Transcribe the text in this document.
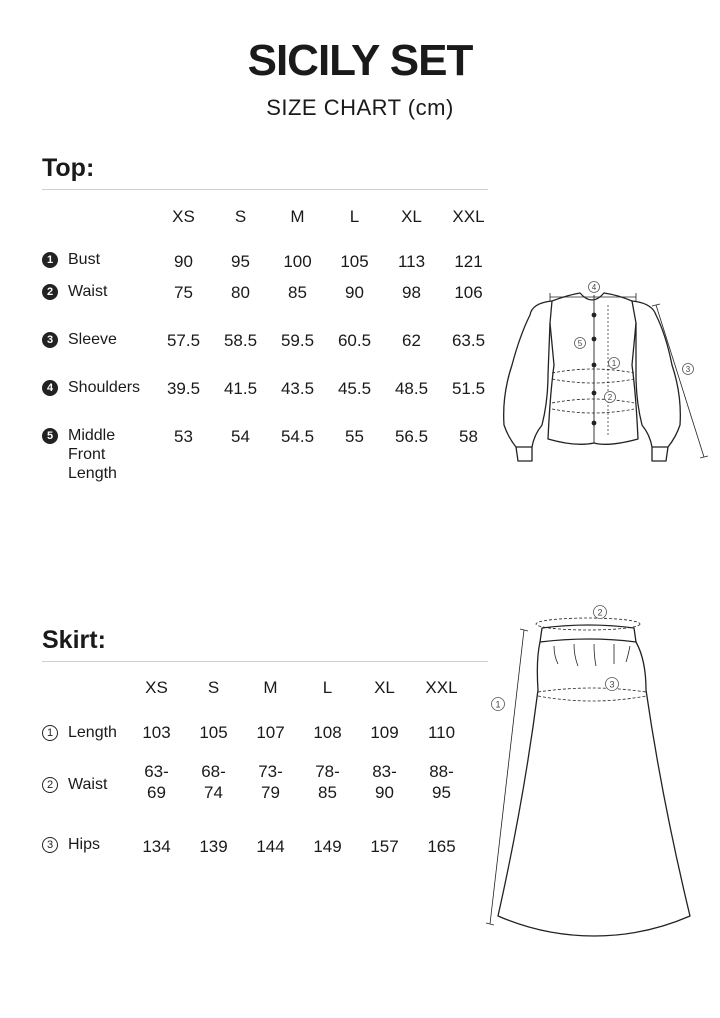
SICILY SET
SIZE CHART (cm)
Top:
	XS	S	M	L	XL	XXL

1 Bust	90	95	100	105	113	121

2 Waist	75	80	85	90	98	106

3 Sleeve	57.5	58.5	59.5	60.5	62	63.5

4 Shoulders	39.5	41.5	43.5	45.5	48.5	51.5

5 Middle Front Length	53	54	54.5	55	56.5	58
4
5
1
2
3
Skirt:
	XS	S	M	L	XL	XXL

1 Length	103	105	107	108	109	110

2 Waist	63-69	68-74	73-79	78-85	83-90	88-95

3 Hips	134	139	144	149	157	165
2
3
1
